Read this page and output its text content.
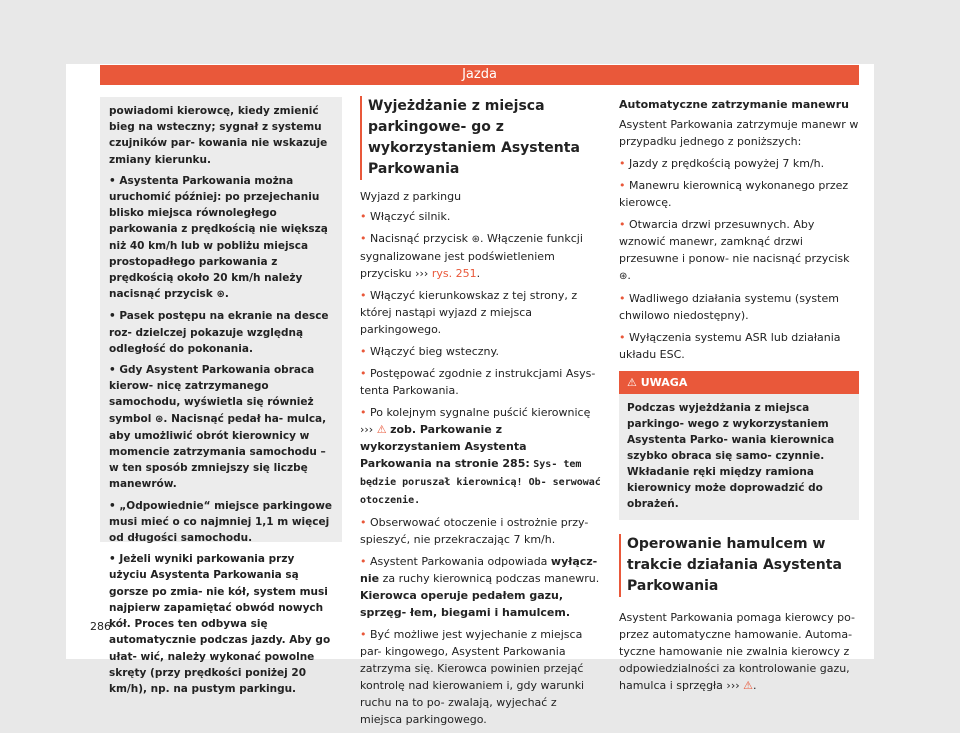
Jazda

powiadomi kierowcę, kiedy zmienić bieg na wsteczny; sygnał z systemu czujników par- kowania nie wskazuje zmiany kierunku.

• Asystenta Parkowania można uruchomić później: po przejechaniu blisko miejsca równoległego parkowania z prędkością nie większą niż 40 km/h lub w pobliżu miejsca prostopadłego parkowania z prędkością około 20 km/h należy nacisnąć przycisk ⊛.

• Pasek postępu na ekranie na desce roz- dzielczej pokazuje względną odległość do pokonania.

• Gdy Asystent Parkowania obraca kierow- nicę zatrzymanego samochodu, wyświetla się również symbol ⊛. Nacisnąć pedał ha- mulca, aby umożliwić obrót kierownicy w momencie zatrzymania samochodu – w ten sposób zmniejszy się liczbę manewrów.

• „Odpowiednie“ miejsce parkingowe musi mieć o co najmniej 1,1 m więcej od długości samochodu.

• Jeżeli wyniki parkowania przy użyciu Asystenta Parkowania są gorsze po zmia- nie kół, system musi najpierw zapamiętać obwód nowych kół. Proces ten odbywa się automatycznie podczas jazdy. Aby go ułat- wić, należy wykonać powolne skręty (przy prędkości poniżej 20 km/h), np. na pustym parkingu.

Wyjeżdżanie z miejsca parkingowe- go z wykorzystaniem Asystenta Parkowania

Wyjazd z parkingu

• Włączyć silnik.

• Nacisnąć przycisk ⊛. Włączenie funkcji sygnalizowane jest podświetleniem przycisku ››› rys. 251.

• Włączyć kierunkowskaz z tej strony, z której nastąpi wyjazd z miejsca parkingowego.

• Włączyć bieg wsteczny.

• Postępować zgodnie z instrukcjami Asys- tenta Parkowania.

• Po kolejnym sygnalne puścić kierownicę ››› ⚠ zob. Parkowanie z wykorzystaniem Asystenta Parkowania na stronie 285: Sys- tem będzie poruszał kierownicą! Ob- serwować otoczenie.

• Obserwować otoczenie i ostrożnie przy- spieszyć, nie przekraczając 7 km/h.

• Asystent Parkowania odpowiada wyłącz- nie za ruchy kierownicą podczas manewru. Kierowca operuje pedałem gazu, sprzęg- łem, biegami i hamulcem.

• Być możliwe jest wyjechanie z miejsca par- kingowego, Asystent Parkowania zatrzyma się. Kierowca powinien przejąć kontrolę nad kierowaniem i, gdy warunki ruchu na to po- zwalają, wyjechać z miejsca parkingowego.

Automatyczne zatrzymanie manewru

Asystent Parkowania zatrzymuje manewr w przypadku jednego z poniższych:

• Jazdy z prędkością powyżej 7 km/h.

• Manewru kierownicą wykonanego przez kierowcę.

• Otwarcia drzwi przesuwnych. Aby wznowić manewr, zamknąć drzwi przesuwne i ponow- nie nacisnąć przycisk ⊛.

• Wadliwego działania systemu (system chwilowo niedostępny).

• Wyłączenia systemu ASR lub działania układu ESC.

⚠ UWAGA
Podczas wyjeżdżania z miejsca parkingo- wego z wykorzystaniem Asystenta Parko- wania kierownica szybko obraca się samo- czynnie. Wkładanie ręki między ramiona kierownicy może doprowadzić do obrażeń.
Operowanie hamulcem w trakcie działania Asystenta Parkowania

Asystent Parkowania pomaga kierowcy po- przez automatyczne hamowanie. Automa- tyczne hamowanie nie zwalnia kierowcy z odpowiedzialności za kontrolowanie gazu, hamulca i sprzęgła ››› ⚠.

286
